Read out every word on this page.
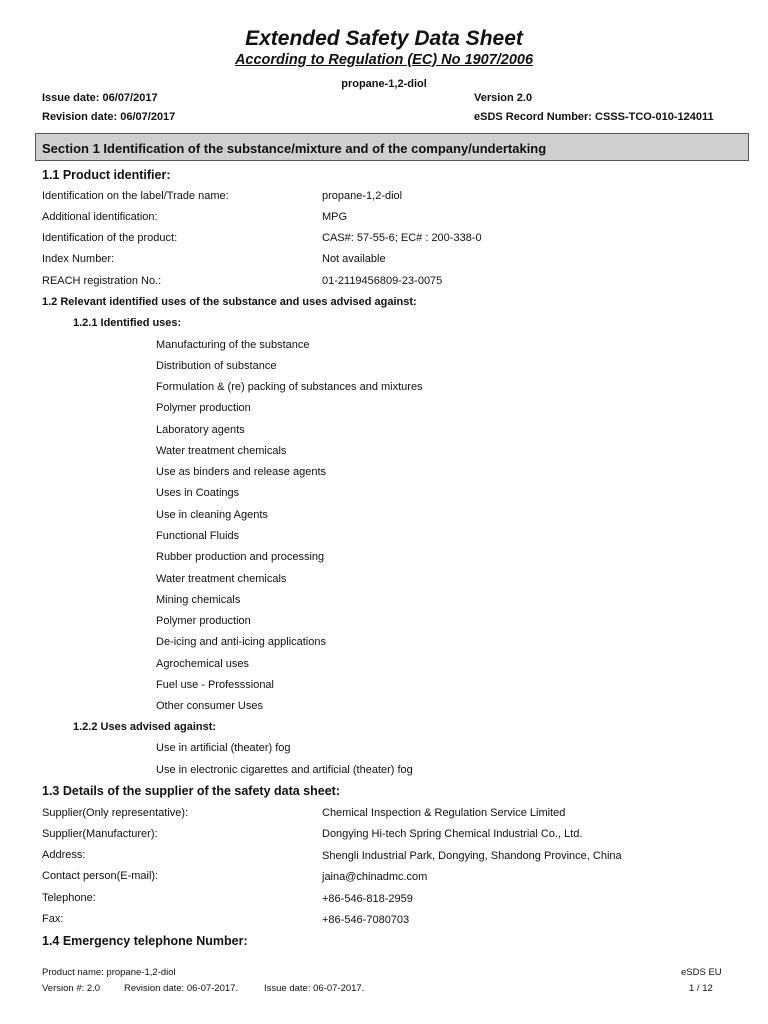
Extended Safety Data Sheet
According to Regulation (EC) No 1907/2006
propane-1,2-diol
Issue date: 06/07/2017	Version 2.0
Revision date: 06/07/2017	eSDS Record Number: CSSS-TCO-010-124011
Section 1 Identification of the substance/mixture and of the company/undertaking
1.1 Product identifier:
Identification on the label/Trade name:	propane-1,2-diol
Additional identification:	MPG
Identification of the product:	CAS#: 57-55-6; EC# : 200-338-0
Index Number:	Not available
REACH registration No.:	01-2119456809-23-0075
1.2 Relevant identified uses of the substance and uses advised against:
1.2.1 Identified uses:
Manufacturing of the substance
Distribution of substance
Formulation & (re) packing of substances and mixtures
Polymer production
Laboratory agents
Water treatment chemicals
Use as binders and release agents
Uses in Coatings
Use in cleaning Agents
Functional Fluids
Rubber production and processing
Water treatment chemicals
Mining chemicals
Polymer production
De-icing and anti-icing applications
Agrochemical uses
Fuel use - Professsional
Other consumer Uses
1.2.2 Uses advised against:
Use in artificial (theater) fog
Use in electronic cigarettes and artificial (theater) fog
1.3 Details of the supplier of the safety data sheet:
Supplier(Only representative):	Chemical Inspection & Regulation Service Limited
Supplier(Manufacturer):	Dongying Hi-tech Spring Chemical Industrial Co., Ltd.
Address:	Shengli Industrial Park, Dongying, Shandong Province, China
Contact person(E-mail):	jaina@chinadmc.com
Telephone:	+86-546-818-2959
Fax:	+86-546-7080703
1.4 Emergency telephone Number:
Product name: propane-1,2-diol	eSDS EU
Version #: 2.0	Revision date: 06-07-2017.	Issue date: 06-07-2017.	1 / 12
